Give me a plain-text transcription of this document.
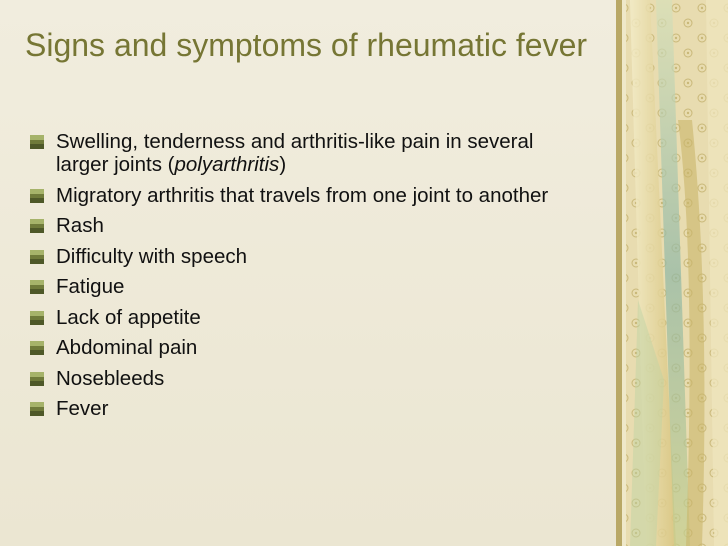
Signs and symptoms of rheumatic fever
Swelling, tenderness and arthritis-like pain in several larger joints (polyarthritis)
Migratory arthritis that travels from one joint to another
Rash
Difficulty with speech
Fatigue
Lack of appetite
Abdominal pain
Nosebleeds
Fever
